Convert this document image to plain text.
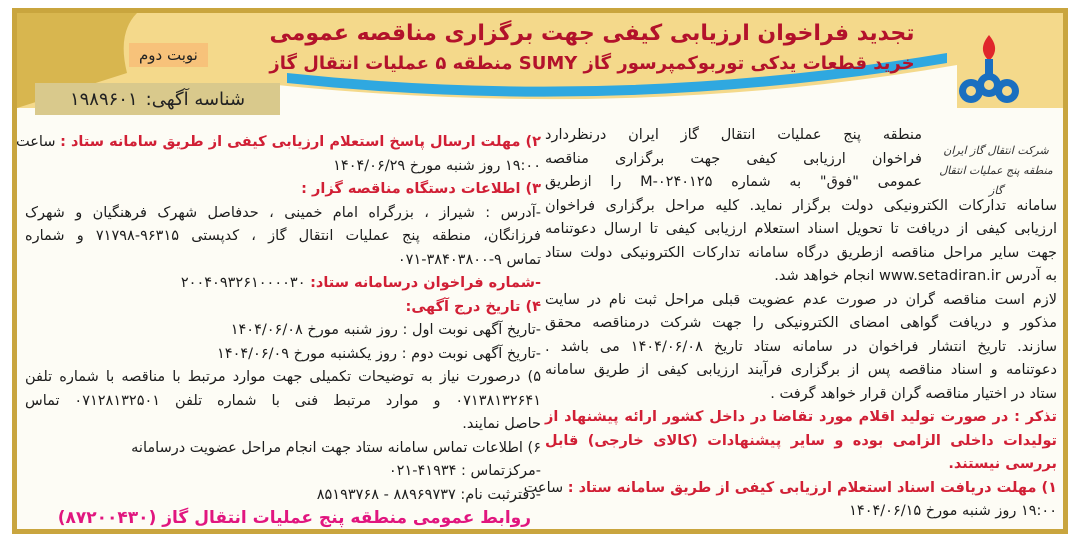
تجدید فراخوان ارزیابی کیفی جهت برگزاری مناقصه عمومی
خرید قطعات یدکی توربوکمپرسور گاز SUMY منطقه ۵ عملیات انتقال گاز
نوبت دوم
شناسه آگهی:
۱۹۸۹۶۰۱
شرکت انتقال گاز ایران
منطقه پنج عملیات انتقال گاز
منطقه پنج عملیات انتقال گاز ایران درنظردارد
فراخوان ارزیابی کیفی جهت برگزاری مناقصه
عمومی "فوق" به شماره M-۰۲۴۰۱۲۵ را ازطریق
سامانه تدارکات الکترونیکی دولت برگزار نماید. کلیه مراحل برگزاری فراخوان
ارزیابی کیفی از دریافت تا تحویل اسناد استعلام ارزیابی کیفی تا ارسال دعوتنامه
جهت سایر مراحل مناقصه ازطریق درگاه سامانه تدارکات الکترونیکی دولت ستاد
به آدرس www.setadiran.ir انجام خواهد شد.
لازم است مناقصه گران در صورت عدم عضویت قبلی مراحل ثبت نام در سایت
مذکور و دریافت گواهی امضای الکترونیکی را جهت شرکت درمناقصه محقق
سازند. تاریخ انتشار فراخوان در سامانه ستاد تاریخ ۱۴۰۴/۰۶/۰۸ می باشد .
دعوتنامه و اسناد مناقصه پس از برگزاری فرآیند ارزیابی کیفی از طریق سامانه
ستاد در اختیار مناقصه گران قرار خواهد گرفت .
تذکر : در صورت تولید اقلام مورد تقاضا در داخل کشور ارائه پیشنهاد از
تولیدات داخلی الزامی بوده و سایر پیشنهادات (کالای خارجی) قابل
بررسی نیستند.
۱) مهلت دریافت اسناد استعلام ارزیابی کیفی از طریق سامانه ستاد : ساعت
۱۹:۰۰ روز شنبه مورخ ۱۴۰۴/۰۶/۱۵
۲) مهلت ارسال پاسخ استعلام ارزیابی کیفی از طریق سامانه ستاد : ساعت
۱۹:۰۰ روز شنبه مورخ ۱۴۰۴/۰۶/۲۹
۳) اطلاعات دستگاه مناقصه گزار :
-آدرس : شیراز ، بزرگراه امام خمینی ، حدفاصل شهرک فرهنگیان و شهرک
فرزانگان، منطقه پنج عملیات انتقال گاز ، کدپستی ۹۶۳۱۵-۷۱۷۹۸ و شماره
تماس ۹-۳۸۴۰۳۸۰۰-۰۷۱
-شماره فراخوان درسامانه ستاد: ۲۰۰۴۰۹۳۲۶۱۰۰۰۰۳۰
۴) تاریخ درج آگهی:
-تاریخ آگهی نوبت اول : روز شنبه مورخ ۱۴۰۴/۰۶/۰۸
-تاریخ آگهی نوبت دوم : روز یکشنبه مورخ ۱۴۰۴/۰۶/۰۹
۵) درصورت نیاز به توضیحات تکمیلی جهت موارد مرتبط با مناقصه با شماره تلفن
۰۷۱۳۸۱۳۲۶۴۱ و موارد مرتبط فنی با شماره تلفن ۰۷۱۲۸۱۳۲۵۰۱ تماس
حاصل نمایند.
۶) اطلاعات تماس سامانه ستاد جهت انجام مراحل عضویت درسامانه
-مرکزتماس : ۴۱۹۳۴-۰۲۱
-دفترثبت نام: ۸۸۹۶۹۷۳۷ - ۸۵۱۹۳۷۶۸
روابط عمومی منطقه پنج عملیات انتقال گاز (۸۷۲۰۰۴۳۰)
